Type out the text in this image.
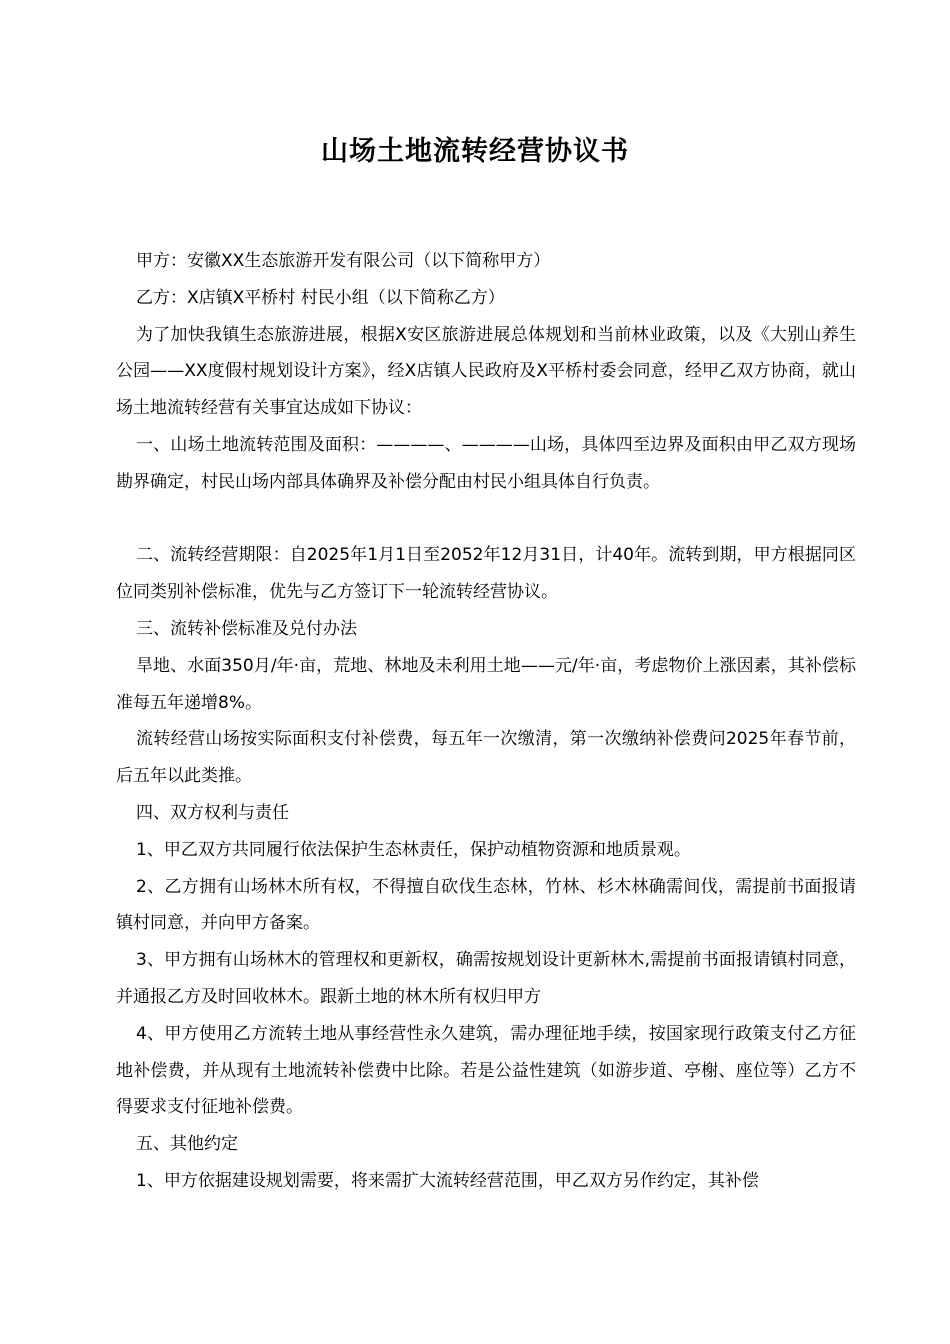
山场土地流转经营协议书

甲方：安徽XX生态旅游开发有限公司（以下简称甲方）

乙方：X店镇X平桥村 村民小组（以下简称乙方）

为了加快我镇生态旅游进展，根据X安区旅游进展总体规划和当前林业政策，以及《大别山养生公园——XX度假村规划设计方案》，经X店镇人民政府及X平桥村委会同意，经甲乙双方协商，就山场土地流转经营有关事宜达成如下协议：

一、山场土地流转范围及面积：————、————山场，具体四至边界及面积由甲乙双方现场勘界确定，村民山场内部具体确界及补偿分配由村民小组具体自行负责。

二、流转经营期限：自2025年1月1日至2052年12月31日，计40年。流转到期，甲方根据同区位同类别补偿标准，优先与乙方签订下一轮流转经营协议。

三、流转补偿标准及兑付办法

旱地、水面350月/年·亩，荒地、林地及未利用土地——元/年·亩，考虑物价上涨因素，其补偿标准每五年递增8%。

流转经营山场按实际面积支付补偿费，每五年一次缴清，第一次缴纳补偿费问2025年春节前，后五年以此类推。

四、双方权利与责任

1、甲乙双方共同履行依法保护生态林责任，保护动植物资源和地质景观。

2、乙方拥有山场林木所有权，不得擅自砍伐生态林，竹林、杉木林确需间伐，需提前书面报请镇村同意，并向甲方备案。

3、甲方拥有山场林木的管理权和更新权，确需按规划设计更新林木,需提前书面报请镇村同意，并通报乙方及时回收林木。跟新土地的林木所有权归甲方

4、甲方使用乙方流转土地从事经营性永久建筑，需办理征地手续，按国家现行政策支付乙方征地补偿费，并从现有土地流转补偿费中比除。若是公益性建筑（如游步道、亭榭、座位等）乙方不得要求支付征地补偿费。

五、其他约定

1、甲方依据建设规划需要，将来需扩大流转经营范围，甲乙双方另作约定，其补偿
